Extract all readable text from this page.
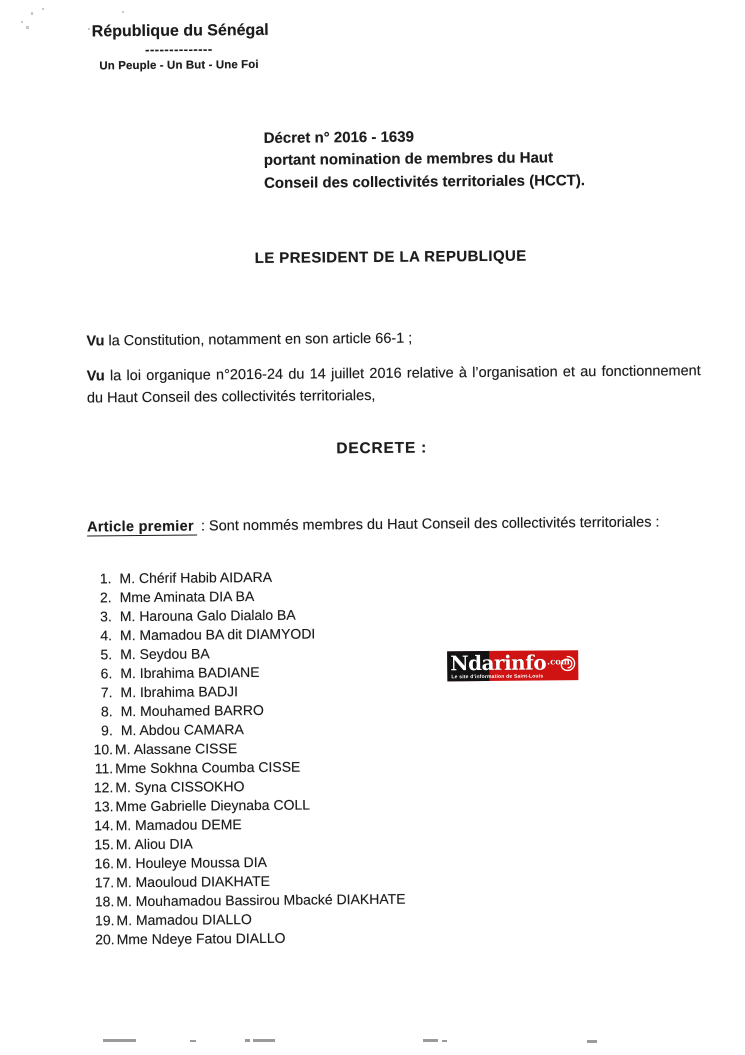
République du Sénégal
--------------
Un Peuple - Un But - Une Foi
Décret n° 2016 - 1639
portant nomination de membres du Haut
Conseil des collectivités territoriales (HCCT).
LE PRESIDENT DE LA REPUBLIQUE

Vu la Constitution, notamment en son article 66-1 ;

Vu la loi organique n°2016-24 du 14 juillet 2016 relative à l’organisation et au fonctionnement du Haut Conseil des collectivités territoriales,

DECRETE :

Article premier : Sont nommés membres du Haut Conseil des collectivités territoriales :

1. M. Chérif Habib AIDARA
2. Mme Aminata DIA BA
3. M. Harouna Galo Dialalo BA
4. M. Mamadou BA dit DIAMYODI
5. M. Seydou BA
6. M. Ibrahima BADIANE
7. M. Ibrahima BADJI
8. M. Mouhamed BARRO
9. M. Abdou CAMARA
10. M. Alassane CISSE
11. Mme Sokhna Coumba CISSE
12. M. Syna CISSOKHO
13. Mme Gabrielle Dieynaba COLL
14. M. Mamadou DEME
15. M. Aliou DIA
16. M. Houleye Moussa DIA
17. M. Maouloud DIAKHATE
18. M. Mouhamadou Bassirou Mbacké DIAKHATE
19. M. Mamadou DIALLO
20. Mme Ndeye Fatou DIALLO
Ndarinfo$^{.com}$
Le site d'information de Saint-Louis
